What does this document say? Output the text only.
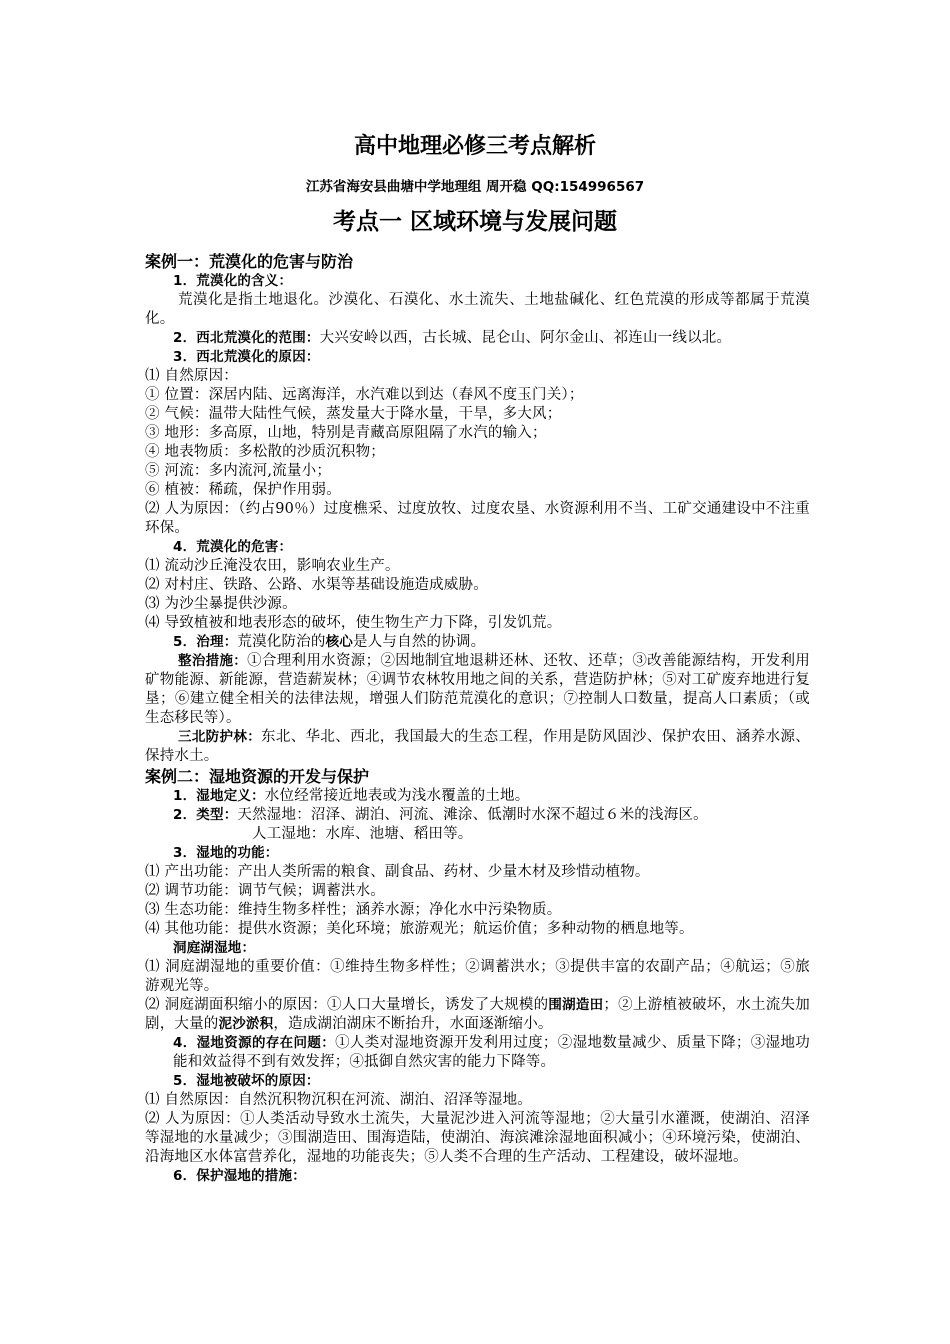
高中地理必修三考点解析
江苏省海安县曲塘中学地理组 周开稳 QQ:154996567
考点一 区域环境与发展问题

案例一：荒漠化的危害与防治

1．荒漠化的含义：

荒漠化是指土地退化。沙漠化、石漠化、水土流失、土地盐碱化、红色荒漠的形成等都属于荒漠化。

2．西北荒漠化的范围：大兴安岭以西，古长城、昆仑山、阿尔金山、祁连山一线以北。

3．西北荒漠化的原因：

⑴ 自然原因：

① 位置：深居内陆、远离海洋，水汽难以到达（春风不度玉门关）；

② 气候：温带大陆性气候，蒸发量大于降水量，干旱，多大风；

③ 地形：多高原，山地，特别是青藏高原阻隔了水汽的输入；

④ 地表物质：多松散的沙质沉积物；

⑤ 河流：多内流河,流量小；

⑥ 植被：稀疏，保护作用弱。

⑵ 人为原因：（约占90％）过度樵采、过度放牧、过度农垦、水资源利用不当、工矿交通建设中不注重环保。

4．荒漠化的危害：

⑴ 流动沙丘淹没农田，影响农业生产。

⑵ 对村庄、铁路、公路、水渠等基础设施造成威胁。

⑶ 为沙尘暴提供沙源。

⑷ 导致植被和地表形态的破坏，使生物生产力下降，引发饥荒。

5．治理：荒漠化防治的核心是人与自然的协调。

整治措施：①合理利用水资源；②因地制宜地退耕还林、还牧、还草；③改善能源结构，开发利用矿物能源、新能源，营造薪炭林；④调节农林牧用地之间的关系，营造防护林；⑤对工矿废弃地进行复垦；⑥建立健全相关的法律法规，增强人们防范荒漠化的意识；⑦控制人口数量，提高人口素质；（或生态移民等）。

三北防护林：东北、华北、西北，我国最大的生态工程，作用是防风固沙、保护农田、涵养水源、保持水土。

案例二：湿地资源的开发与保护

1．湿地定义：水位经常接近地表或为浅水覆盖的土地。

2．类型：天然湿地：沼泽、湖泊、河流、滩涂、低潮时水深不超过６米的浅海区。

人工湿地：水库、池塘、稻田等。

3．湿地的功能：

⑴ 产出功能：产出人类所需的粮食、副食品、药材、少量木材及珍惜动植物。

⑵ 调节功能：调节气候；调蓄洪水。

⑶ 生态功能：维持生物多样性；涵养水源；净化水中污染物质。

⑷ 其他功能：提供水资源；美化环境；旅游观光；航运价值；多种动物的栖息地等。

洞庭湖湿地：

⑴ 洞庭湖湿地的重要价值：①维持生物多样性；②调蓄洪水；③提供丰富的农副产品；④航运；⑤旅游观光等。

⑵ 洞庭湖面积缩小的原因：①人口大量增长，诱发了大规模的围湖造田；②上游植被破坏，水土流失加剧，大量的泥沙淤积，造成湖泊湖床不断抬升，水面逐渐缩小。

4．湿地资源的存在问题：①人类对湿地资源开发利用过度；②湿地数量减少、质量下降；③湿地功能和效益得不到有效发挥；④抵御自然灾害的能力下降等。

5．湿地被破坏的原因：

⑴ 自然原因：自然沉积物沉积在河流、湖泊、沼泽等湿地。

⑵ 人为原因：①人类活动导致水土流失，大量泥沙进入河流等湿地；②大量引水灌溉，使湖泊、沼泽等湿地的水量减少；③围湖造田、围海造陆，使湖泊、海滨滩涂湿地面积减小；④环境污染，使湖泊、沿海地区水体富营养化，湿地的功能丧失；⑤人类不合理的生产活动、工程建设，破坏湿地。

6．保护湿地的措施：
